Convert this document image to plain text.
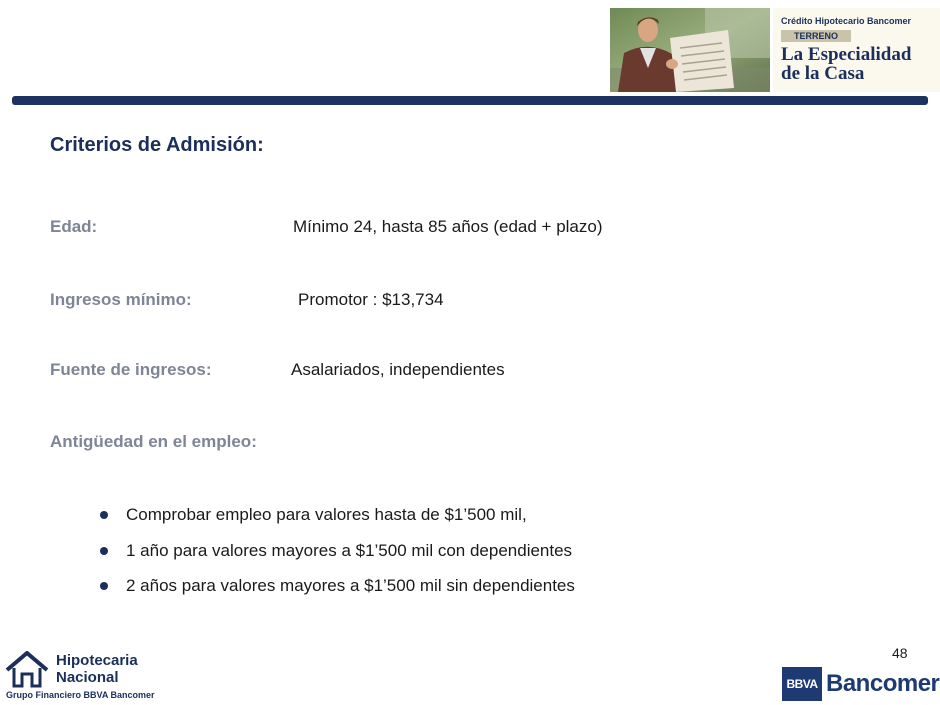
Crédito Hipotecario Bancomer
TERRENO
La Especialidad
de la Casa
Criterios de Admisión:
Edad:	Mínimo 24, hasta 85 años (edad + plazo)
Ingresos mínimo:	Promotor : $13,734
Fuente de ingresos:	Asalariados, independientes
Antigüedad en el empleo:
Comprobar empleo para valores hasta de $1’500 mil,
1 año para valores mayores a $1’500 mil con dependientes
2 años para valores mayores a $1’500 mil sin dependientes
48
Hipotecaria
Nacional
Grupo Financiero BBVA Bancomer
BBVA Bancomer
